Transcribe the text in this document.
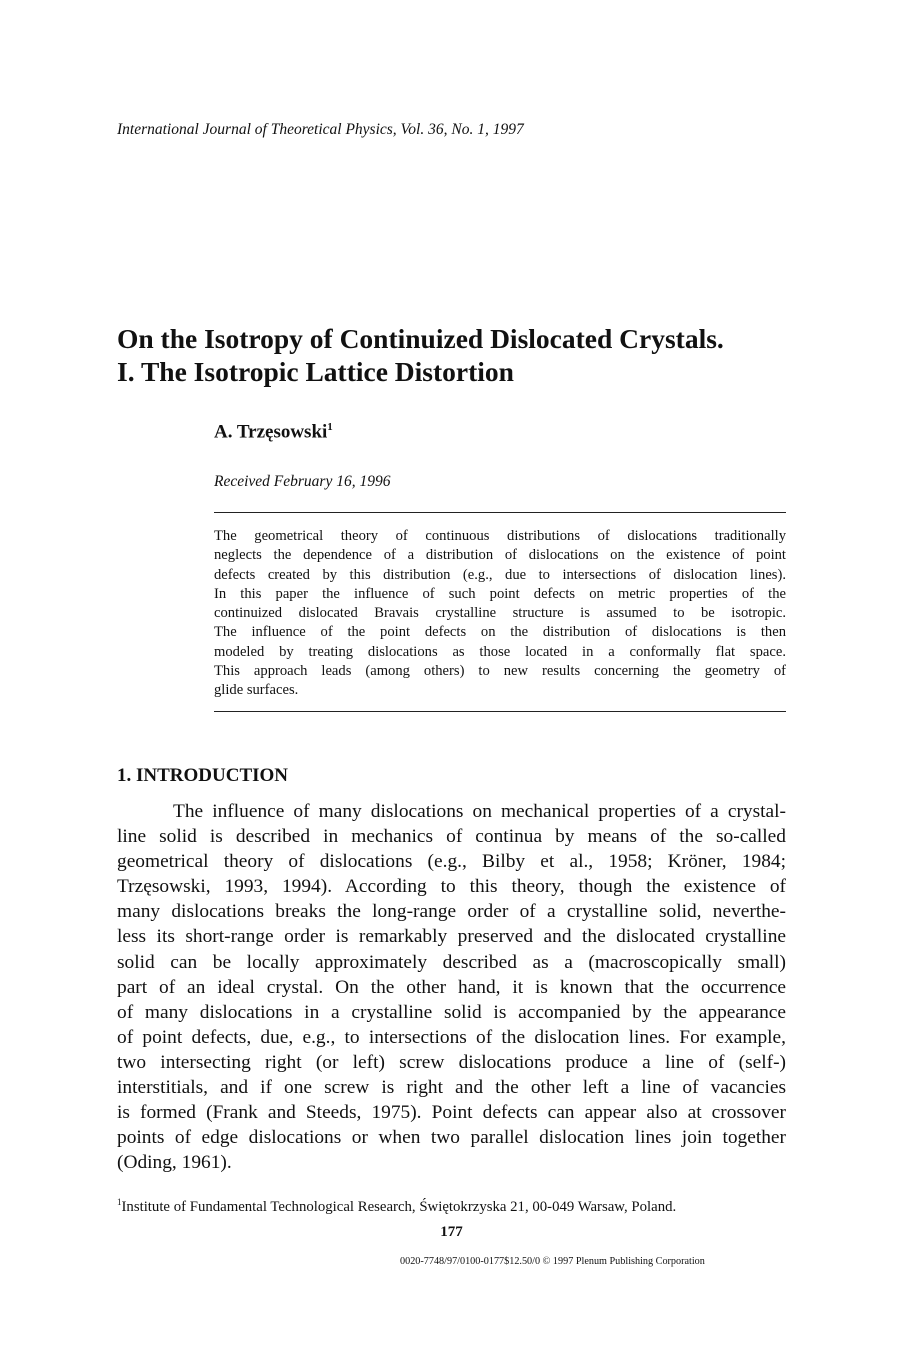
International Journal of Theoretical Physics, Vol. 36, No. 1, 1997
On the Isotropy of Continuized Dislocated Crystals.
I. The Isotropic Lattice Distortion
A. Trzęsowski$^1$
Received February 16, 1996
The geometrical theory of continuous distributions of dislocations traditionally
neglects the dependence of a distribution of dislocations on the existence of point
defects created by this distribution (e.g., due to intersections of dislocation lines).
In this paper the influence of such point defects on metric properties of the
continuized dislocated Bravais crystalline structure is assumed to be isotropic.
The influence of the point defects on the distribution of dislocations is then
modeled by treating dislocations as those located in a conformally flat space.
This approach leads (among others) to new results concerning the geometry of
glide surfaces.
1. INTRODUCTION
The influence of many dislocations on mechanical properties of a crystal-
line solid is described in mechanics of continua by means of the so-called
geometrical theory of dislocations (e.g., Bilby et al., 1958; Kröner, 1984;
Trzęsowski, 1993, 1994). According to this theory, though the existence of
many dislocations breaks the long-range order of a crystalline solid, neverthe-
less its short-range order is remarkably preserved and the dislocated crystalline
solid can be locally approximately described as a (macroscopically small)
part of an ideal crystal. On the other hand, it is known that the occurrence
of many dislocations in a crystalline solid is accompanied by the appearance
of point defects, due, e.g., to intersections of the dislocation lines. For example,
two intersecting right (or left) screw dislocations produce a line of (self-)
interstitials, and if one screw is right and the other left a line of vacancies
is formed (Frank and Steeds, 1975). Point defects can appear also at crossover
points of edge dislocations or when two parallel dislocation lines join together
(Oding, 1961).
$^1$Institute of Fundamental Technological Research, Świętokrzyska 21, 00-049 Warsaw, Poland.
177
0020-7748/97/0100-0177$12.50/0 © 1997 Plenum Publishing Corporation
